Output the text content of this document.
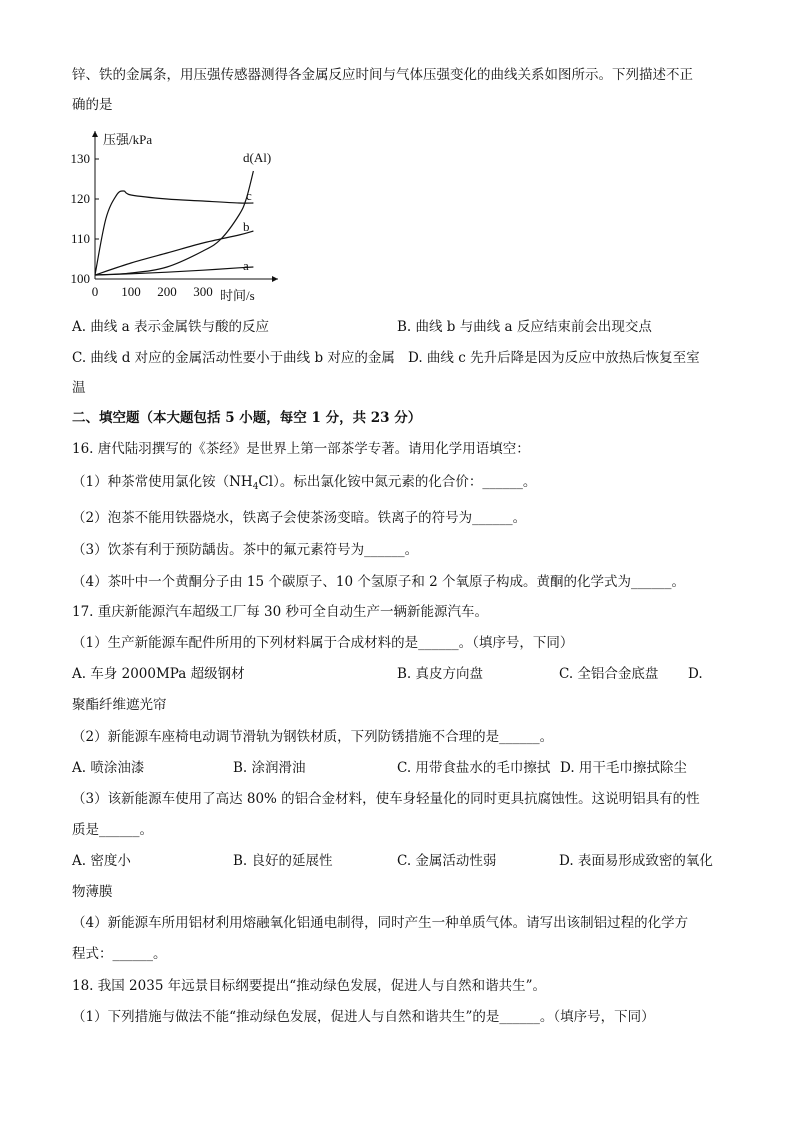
锌、铁的金属条，用压强传感器测得各金属反应时间与气体压强变化的曲线关系如图所示。下列描述不正
确的是
压强/kPa
时间/s
130
120
110
100
0 100 200 300
d(Al)
c
b
a
A. 曲线 a 表示金属铁与酸的反应	B. 曲线 b 与曲线 a 反应结束前会出现交点
C. 曲线 d 对应的金属活动性要小于曲线 b 对应的金属 D. 曲线 c 先升后降是因为反应中放热后恢复至室
温
二、填空题（本大题包括 5 小题，每空 1 分，共 23 分）
16. 唐代陆羽撰写的《茶经》是世界上第一部茶学专著。请用化学用语填空：
（1）种茶常使用氯化铵$(NH_4Cl)$。标出氯化铵中氮元素的化合价：______。
（2）泡茶不能用铁器烧水，铁离子会使茶汤变暗。铁离子的符号为______。
（3）饮茶有利于预防龋齿。茶中的氟元素符号为______。
（4）茶叶中一个黄酮分子由 15 个碳原子、10 个氢原子和 2 个氧原子构成。黄酮的化学式为______。
17. 重庆新能源汽车超级工厂每 30 秒可全自动生产一辆新能源汽车。
（1）生产新能源车配件所用的下列材料属于合成材料的是______。（填序号，下同）
A. 车身 2000MPa 超级钢材	B. 真皮方向盘	C. 全铝合金底盘 D.
聚酯纤维遮光帘
（2）新能源车座椅电动调节滑轨为钢铁材质，下列防锈措施不合理的是______。
A. 喷涂油漆	B. 涂润滑油	C. 用带食盐水的毛巾擦拭 D. 用干毛巾擦拭除尘
（3）该新能源车使用了高达 80% 的铝合金材料，使车身轻量化的同时更具抗腐蚀性。这说明铝具有的性
质是______。
A. 密度小	B. 良好的延展性	C. 金属活动性弱	D. 表面易形成致密的氧化
物薄膜
（4）新能源车所用铝材利用熔融氧化铝通电制得，同时产生一种单质气体。请写出该制铝过程的化学方
程式：______。
18. 我国 2035 年远景目标纲要提出“推动绿色发展，促进人与自然和谐共生”。
（1）下列措施与做法不能“推动绿色发展，促进人与自然和谐共生”的是______。（填序号，下同）
